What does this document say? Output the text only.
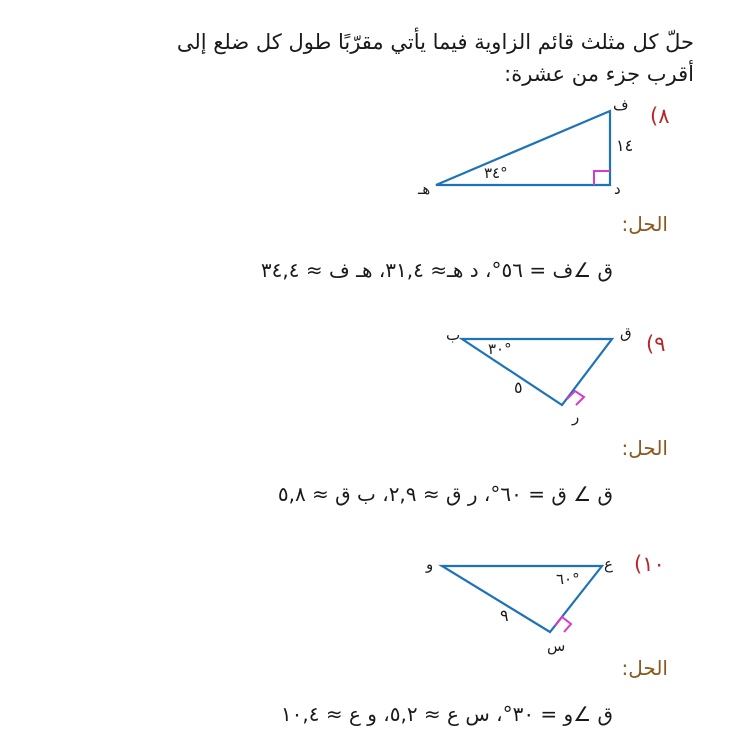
حلّ كل مثلث قائم الزاوية فيما يأتي مقرّبًا طول كل ضلع إلى
أقرب جزء من عشرة:
٨)
ف
د
هـ
١٤
٣٤°
الحل:
ق ∠ف = ٥٦°، د هـ≈ ٣١,٤، هـ ف ≈ ٣٤,٤
٩)
ب	ق
ر
٥
٣٠°
الحل:
ق ∠ ق = ٦٠°، ر ق ≈ ٢,٩، ب ق ≈ ٥,٨
١٠)
و	ع
س
٩
٦٠°
الحل:
ق ∠و = ٣٠°، س ع ≈ ٥,٢، و ع ≈ ١٠,٤
